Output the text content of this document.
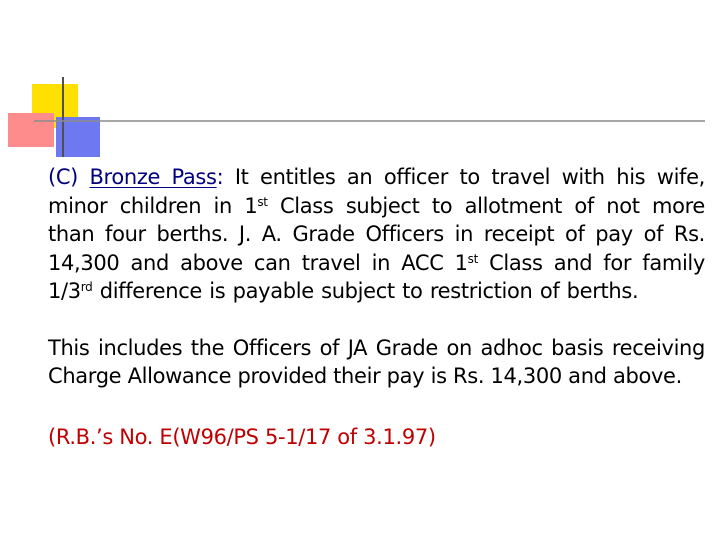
(C) Bronze Pass: It entitles an officer to travel with his wife, minor children in 1st Class subject to allotment of not more than four berths. J. A. Grade Officers in receipt of pay of Rs. 14,300 and above can travel in ACC 1st Class and for family 1/3rd difference is payable subject to restriction of berths.

This includes the Officers of JA Grade on adhoc basis receiving Charge Allowance provided their pay is Rs. 14,300 and above.

(R.B.’s No. E(W96/PS 5-1/17 of 3.1.97)
